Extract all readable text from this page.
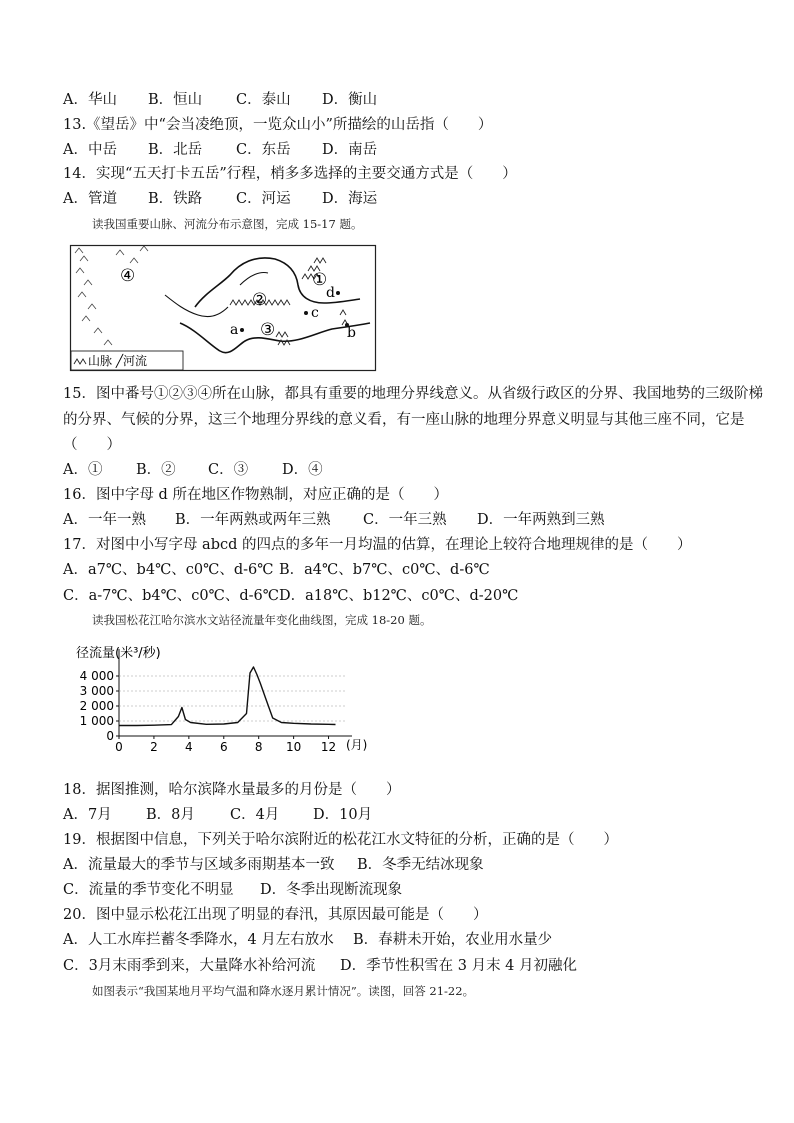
A．华山 B．恒山 C．泰山 D．衡山
13.《望岳》中“会当凌绝顶，一览众山小”所描绘的山岳指（　　）
A．中岳 B．北岳 C．东岳 D．南岳
14．实现“五天打卡五岳”行程，梢多多选择的主要交通方式是（　　）
A．管道 B．铁路 C．河运 D．海运
读我国重要山脉、河流分布示意图，完成 15-17 题。
④
②
①
③
a	b
c
d
山脉 ╱河流
15．图中番号①②③④所在山脉，都具有重要的地理分界线意义。从省级行政区的分界、我国地势的三级阶梯
的分界、气候的分界，这三个地理分界线的意义看，有一座山脉的地理分界意义明显与其他三座不同，它是
（　　）
A．① B．② C．③ D．④
16．图中字母 d 所在地区作物熟制，对应正确的是（　　）
A．一年一熟 B．一年两熟或两年三熟 C．一年三熟 D．一年两熟到三熟
17．对图中小写字母 abcd 的四点的多年一月均温的估算，在理论上较符合地理规律的是（　　）
A．a7℃、b4℃、c0℃、d-6℃ B．a4℃、b7℃、c0℃、d-6℃
C．a-7℃、b4℃、c0℃、d-6℃ D．a18℃、b12℃、c0℃、d-20℃
读我国松花江哈尔滨水文站径流量年变化曲线图，完成 18-20 题。
径流量(米³/秒)
4 000
3 000
2 000
1 000
0
0 2 4 6 8 10 12 (月)
18．据图推测，哈尔滨降水量最多的月份是（　　）
A．7月 B．8月 C．4月 D．10月
19．根据图中信息，下列关于哈尔滨附近的松花江水文特征的分析，正确的是（　　）
A．流量最大的季节与区域多雨期基本一致 B．冬季无结冰现象
C．流量的季节变化不明显 D．冬季出现断流现象
20．图中显示松花江出现了明显的春汛，其原因最可能是（　　）
A．人工水库拦蓄冬季降水，4 月左右放水 B．春耕未开始，农业用水量少
C．3月末雨季到来，大量降水补给河流 D．季节性积雪在 3 月末 4 月初融化
如图表示“我国某地月平均气温和降水逐月累计情况”。读图，回答 21-22。
